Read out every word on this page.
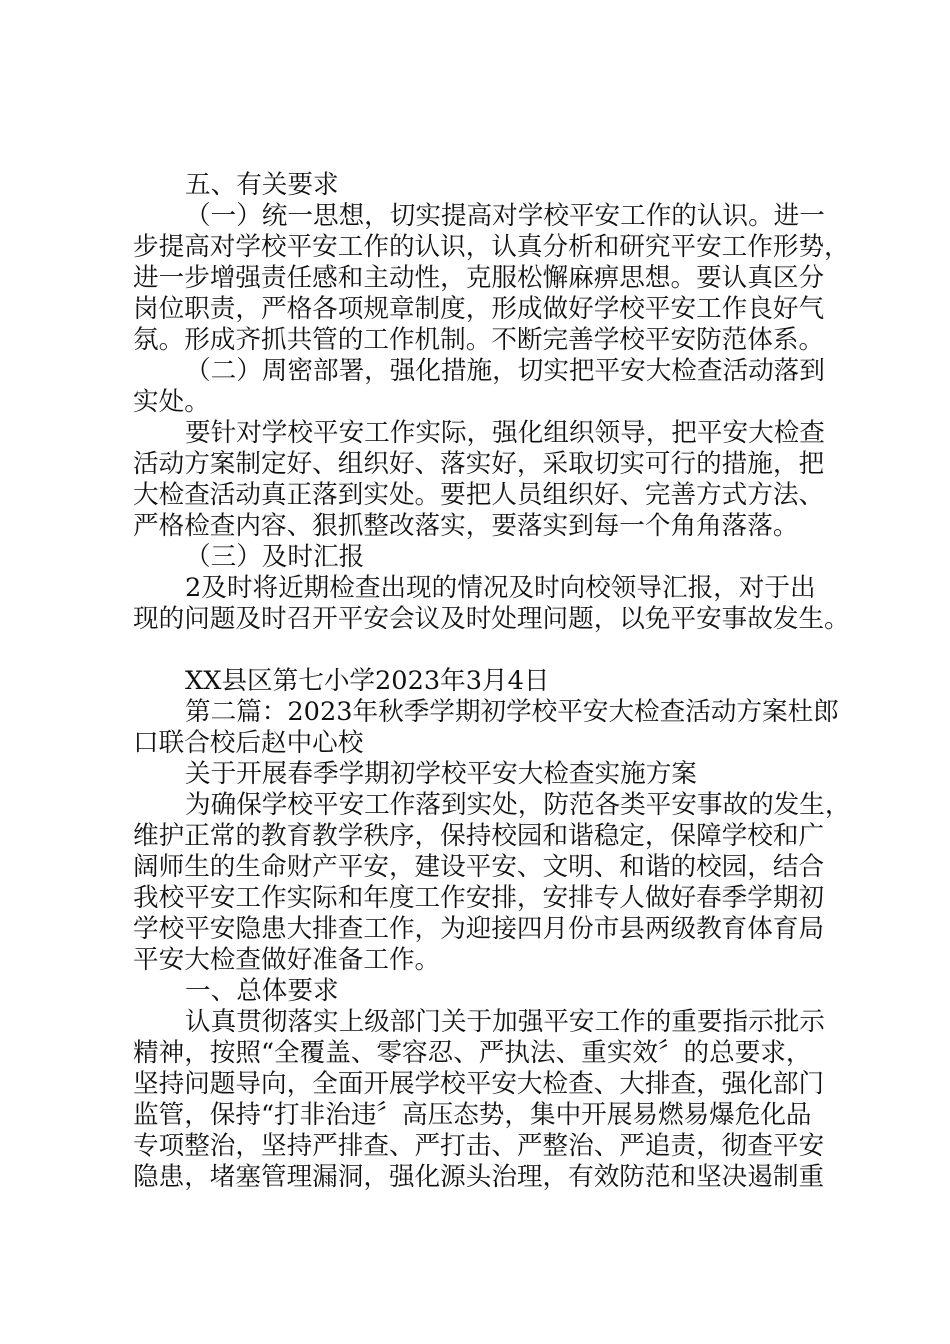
五、有关要求

（一）统一思想，切实提高对学校平安工作的认识。进一

步提高对学校平安工作的认识，认真分析和研究平安工作形势，

进一步增强责任感和主动性，克服松懈麻痹思想。要认真区分

岗位职责，严格各项规章制度，形成做好学校平安工作良好气

氛。形成齐抓共管的工作机制。不断完善学校平安防范体系。

（二）周密部署，强化措施，切实把平安大检查活动落到

实处。

要针对学校平安工作实际，强化组织领导，把平安大检查

活动方案制定好、组织好、落实好，采取切实可行的措施，把

大检查活动真正落到实处。要把人员组织好、完善方式方法、

严格检查内容、狠抓整改落实，要落实到每一个角角落落。

（三）及时汇报

2及时将近期检查出现的情况及时向校领导汇报，对于出

现的问题及时召开平安会议及时处理问题，以免平安事故发生。

XX县区第七小学2023年3月4日

第二篇：2023年秋季学期初学校平安大检查活动方案杜郎

口联合校后赵中心校

关于开展春季学期初学校平安大检查实施方案

为确保学校平安工作落到实处，防范各类平安事故的发生，

维护正常的教育教学秩序，保持校园和谐稳定，保障学校和广

阔师生的生命财产平安，建设平安、文明、和谐的校园，结合

我校平安工作实际和年度工作安排，安排专人做好春季学期初

学校平安隐患大排查工作，为迎接四月份市县两级教育体育局

平安大检查做好准备工作。

一、总体要求

认真贯彻落实上级部门关于加强平安工作的重要指示批示

精神，按照“全覆盖、零容忍、严执法、重实效〞的总要求，

坚持问题导向，全面开展学校平安大检查、大排查，强化部门

监管，保持“打非治违〞高压态势，集中开展易燃易爆危化品

专项整治，坚持严排查、严打击、严整治、严追责，彻查平安

隐患，堵塞管理漏洞，强化源头治理，有效防范和坚决遏制重
